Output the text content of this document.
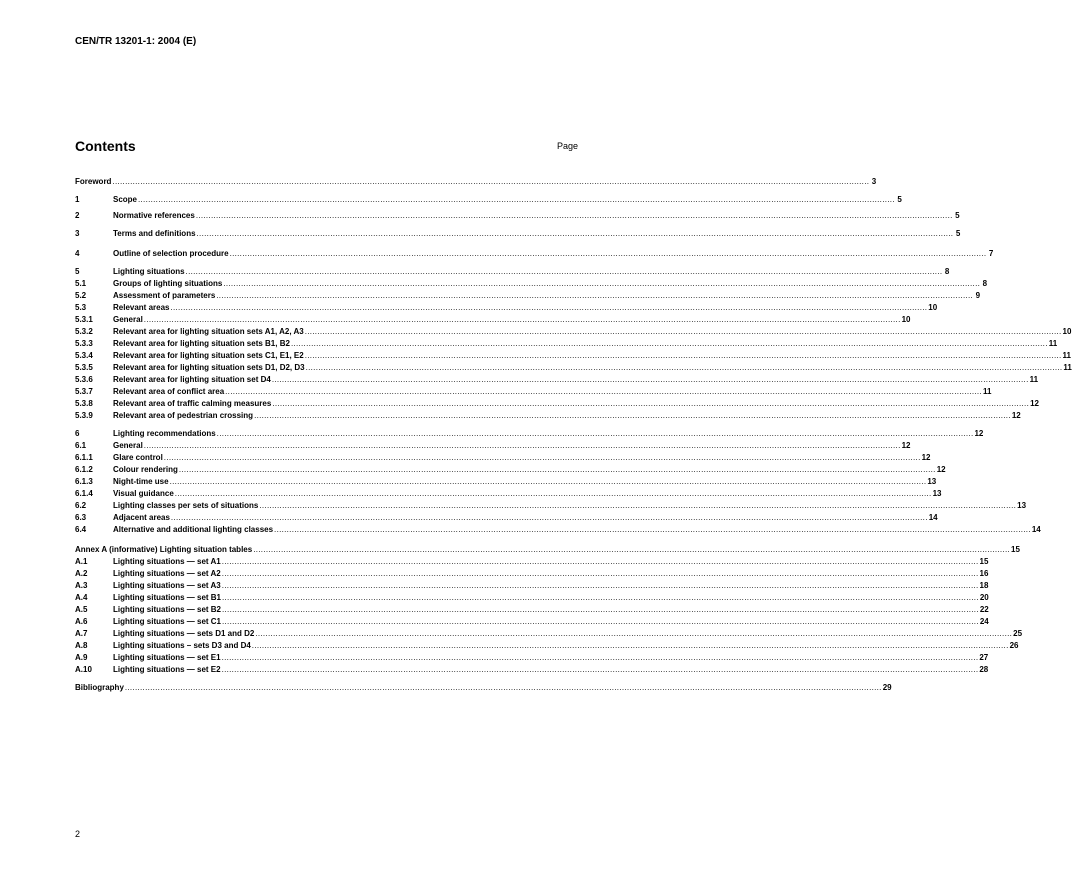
CEN/TR 13201-1: 2004 (E)
Contents	Page
Foreword ............................................................................................................................................................................................................................................................................................................ 3
1	Scope ............................................................................................................................................................................................................................................................................................................ 5
2	Normative references ............................................................................................................................................................................................................................................................................................................ 5
3	Terms and definitions ............................................................................................................................................................................................................................................................................................................ 5
4	Outline of selection procedure ............................................................................................................................................................................................................................................................................................................ 7
5	Lighting situations ............................................................................................................................................................................................................................................................................................................ 8
5.1	Groups of lighting situations ............................................................................................................................................................................................................................................................................................................ 8
5.2	Assessment of parameters ............................................................................................................................................................................................................................................................................................................ 9
5.3	Relevant areas ............................................................................................................................................................................................................................................................................................................ 10
5.3.1	General ............................................................................................................................................................................................................................................................................................................ 10
5.3.2	Relevant area for lighting situation sets A1, A2, A3 ............................................................................................................................................................................................................................................................................................................ 10
5.3.3	Relevant area for lighting situation sets B1, B2 ............................................................................................................................................................................................................................................................................................................ 11
5.3.4	Relevant area for lighting situation sets C1, E1, E2 ............................................................................................................................................................................................................................................................................................................ 11
5.3.5	Relevant area for lighting situation sets D1, D2, D3 ............................................................................................................................................................................................................................................................................................................ 11
5.3.6	Relevant area for lighting situation set D4 ............................................................................................................................................................................................................................................................................................................ 11
5.3.7	Relevant area of conflict area ............................................................................................................................................................................................................................................................................................................ 11
5.3.8	Relevant area of traffic calming measures ............................................................................................................................................................................................................................................................................................................ 12
5.3.9	Relevant area of pedestrian crossing ............................................................................................................................................................................................................................................................................................................ 12
6	Lighting recommendations ............................................................................................................................................................................................................................................................................................................ 12
6.1	General ............................................................................................................................................................................................................................................................................................................ 12
6.1.1	Glare control ............................................................................................................................................................................................................................................................................................................ 12
6.1.2	Colour rendering ............................................................................................................................................................................................................................................................................................................ 12
6.1.3	Night-time use ............................................................................................................................................................................................................................................................................................................ 13
6.1.4	Visual guidance ............................................................................................................................................................................................................................................................................................................ 13
6.2	Lighting classes per sets of situations ............................................................................................................................................................................................................................................................................................................ 13
6.3	Adjacent areas ............................................................................................................................................................................................................................................................................................................ 14
6.4	Alternative and additional lighting classes ............................................................................................................................................................................................................................................................................................................ 14
Annex A (informative) Lighting situation tables ............................................................................................................................................................................................................................................................................................................ 15
A.1	Lighting situations — set A1 ............................................................................................................................................................................................................................................................................................................ 15
A.2	Lighting situations — set A2 ............................................................................................................................................................................................................................................................................................................ 16
A.3	Lighting situations — set A3 ............................................................................................................................................................................................................................................................................................................ 18
A.4	Lighting situations — set B1 ............................................................................................................................................................................................................................................................................................................ 20
A.5	Lighting situations — set B2 ............................................................................................................................................................................................................................................................................................................ 22
A.6	Lighting situations — set C1 ............................................................................................................................................................................................................................................................................................................ 24
A.7	Lighting situations — sets D1 and D2 ............................................................................................................................................................................................................................................................................................................ 25
A.8	Lighting situations – sets D3 and D4 ............................................................................................................................................................................................................................................................................................................ 26
A.9	Lighting situations — set E1 ............................................................................................................................................................................................................................................................................................................ 27
A.10	Lighting situations — set E2 ............................................................................................................................................................................................................................................................................................................ 28
Bibliography ............................................................................................................................................................................................................................................................................................................ 29
2
